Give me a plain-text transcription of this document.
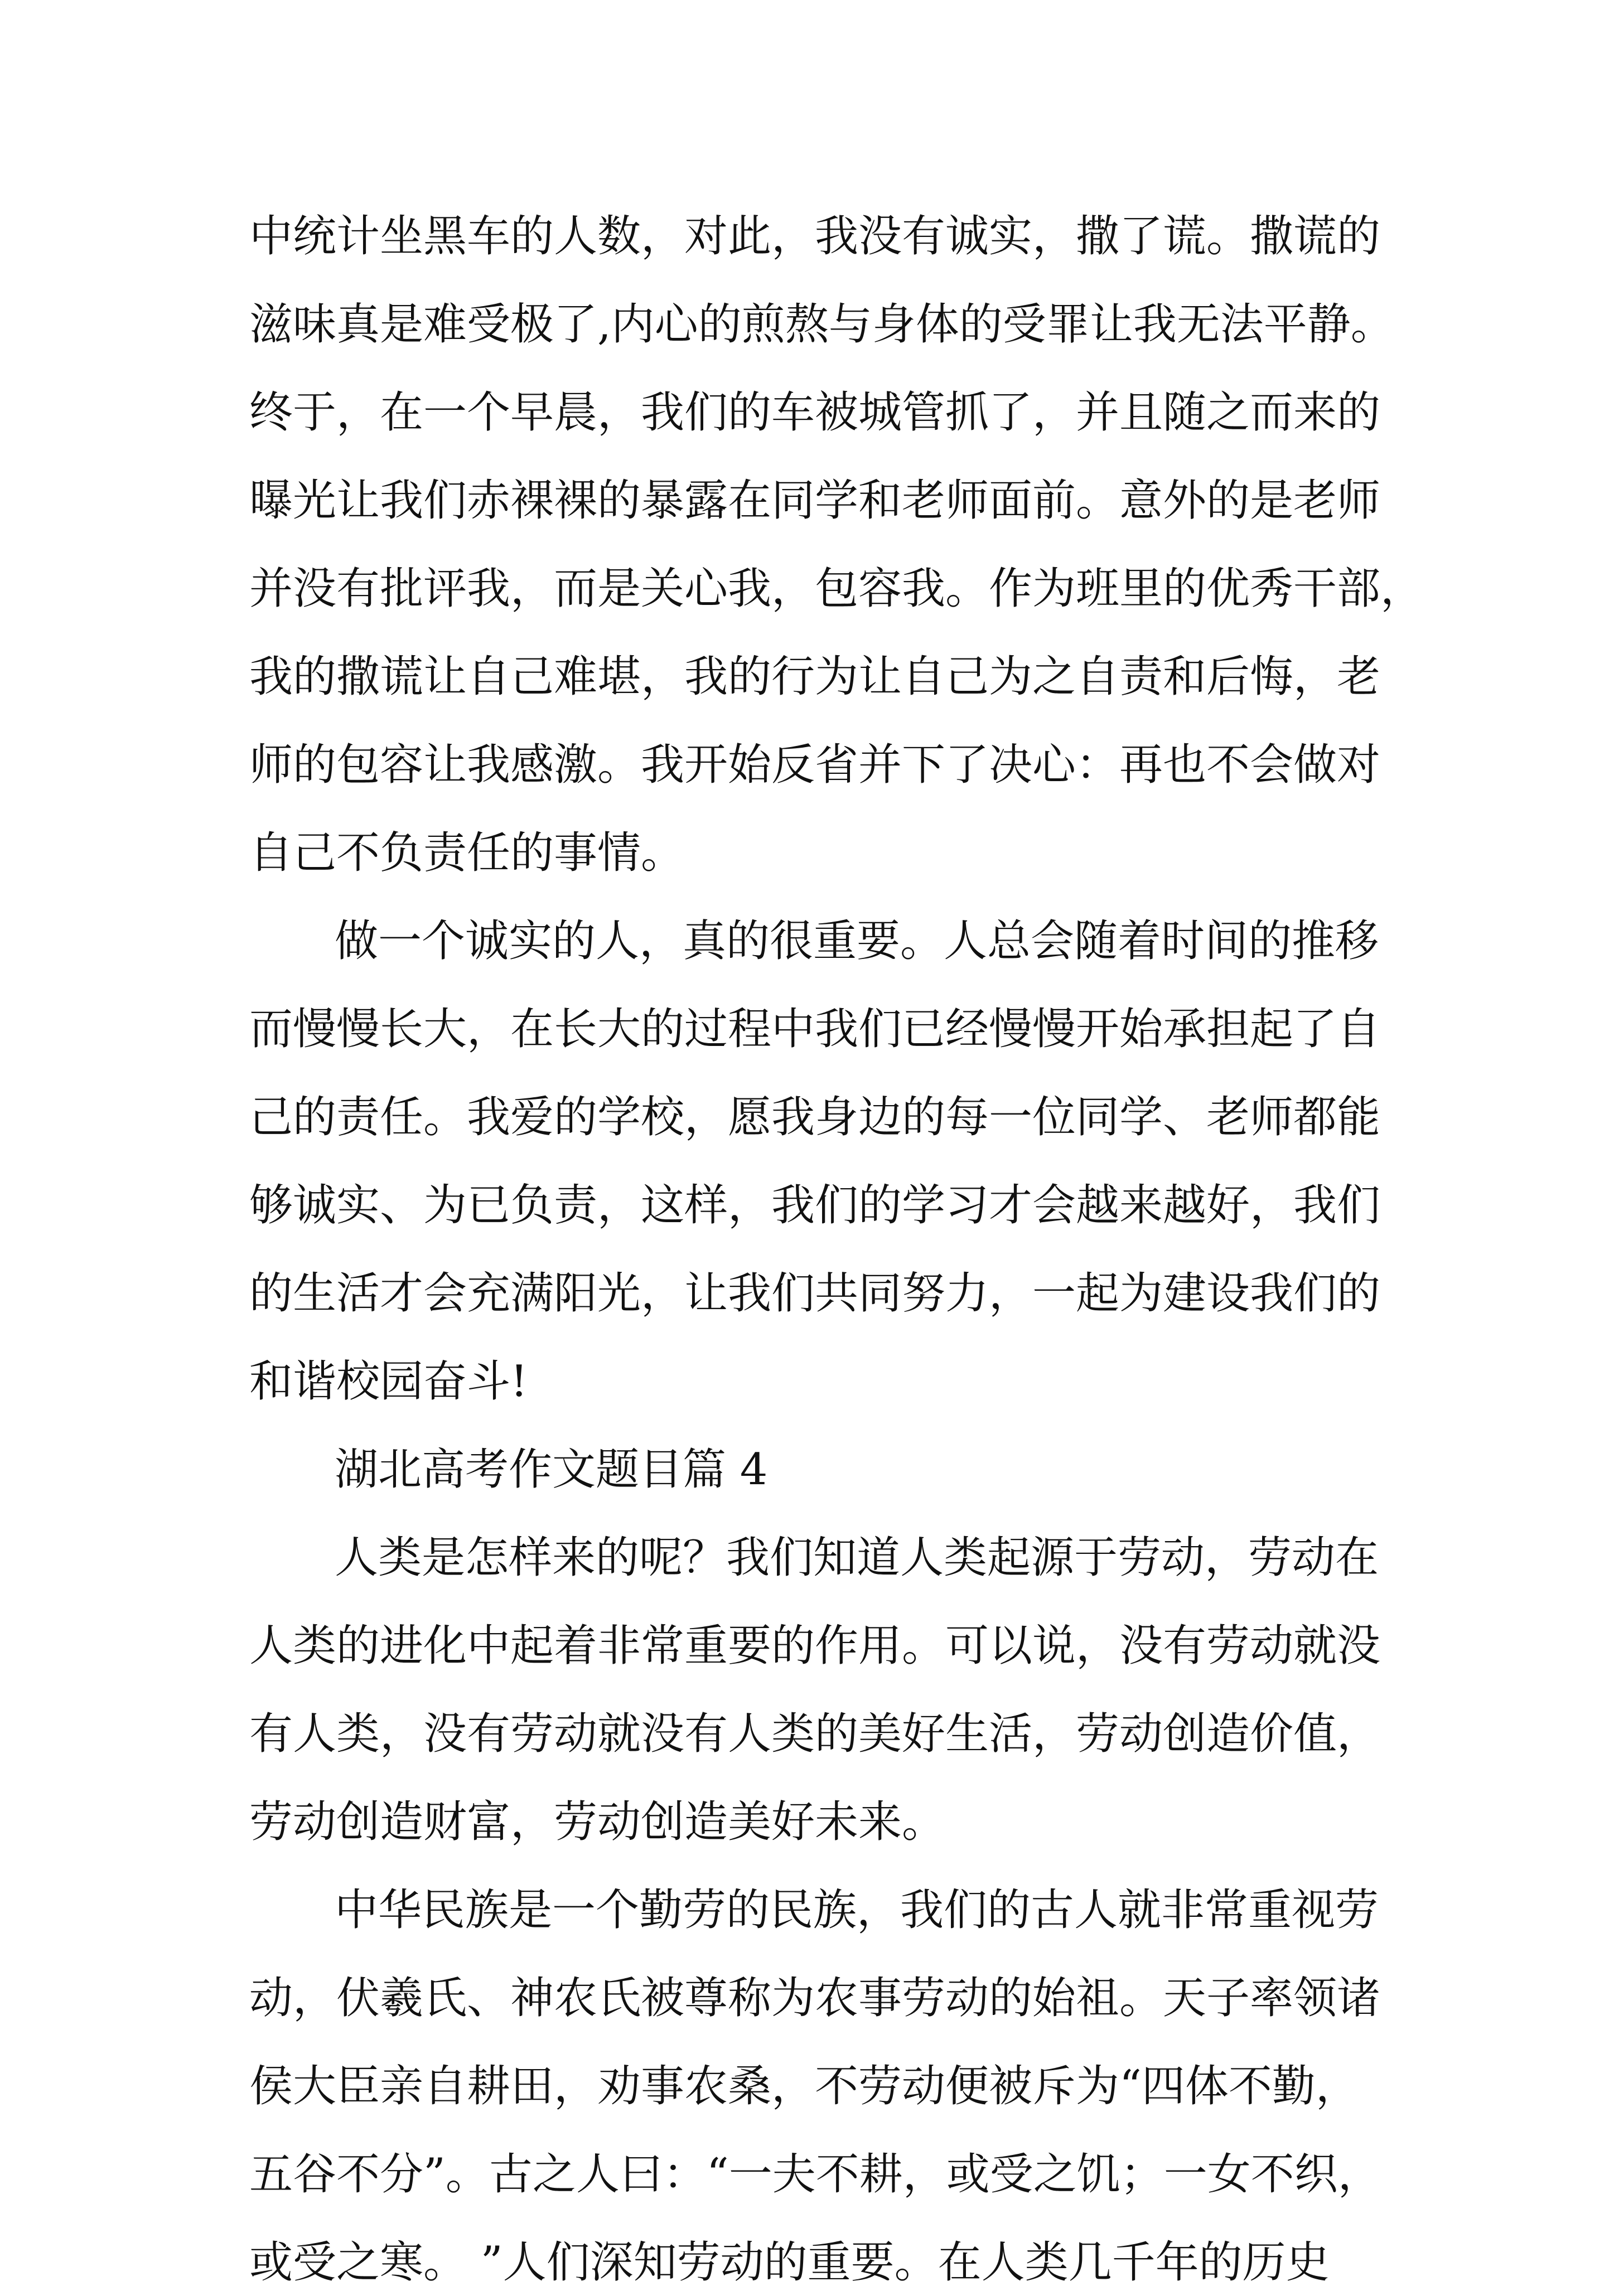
中统计坐黑车的人数，对此，我没有诚实，撒了谎。撒谎的
滋味真是难受极了,内心的煎熬与身体的受罪让我无法平静。
终于，在一个早晨，我们的车被城管抓了，并且随之而来的
曝光让我们赤裸裸的暴露在同学和老师面前。意外的是老师
并没有批评我，而是关心我，包容我。作为班里的优秀干部，
我的撒谎让自己难堪，我的行为让自己为之自责和后悔，老
师的包容让我感激。我开始反省并下了决心：再也不会做对
自己不负责任的事情。
做一个诚实的人，真的很重要。人总会随着时间的推移
而慢慢长大，在长大的过程中我们已经慢慢开始承担起了自
己的责任。我爱的学校，愿我身边的每一位同学、老师都能
够诚实、为已负责，这样，我们的学习才会越来越好，我们
的生活才会充满阳光，让我们共同努力，一起为建设我们的
和谐校园奋斗!
湖北高考作文题目篇 4
人类是怎样来的呢？我们知道人类起源于劳动，劳动在
人类的进化中起着非常重要的作用。可以说，没有劳动就没
有人类，没有劳动就没有人类的美好生活，劳动创造价值，
劳动创造财富，劳动创造美好未来。
中华民族是一个勤劳的民族，我们的古人就非常重视劳
动，伏羲氏、神农氏被尊称为农事劳动的始祖。天子率领诸
侯大臣亲自耕田，劝事农桑，不劳动便被斥为“四体不勤，
五谷不分”。古之人曰：“一夫不耕，或受之饥；一女不织，
或受之寒。 ”人们深知劳动的重要。在人类几千年的历史
